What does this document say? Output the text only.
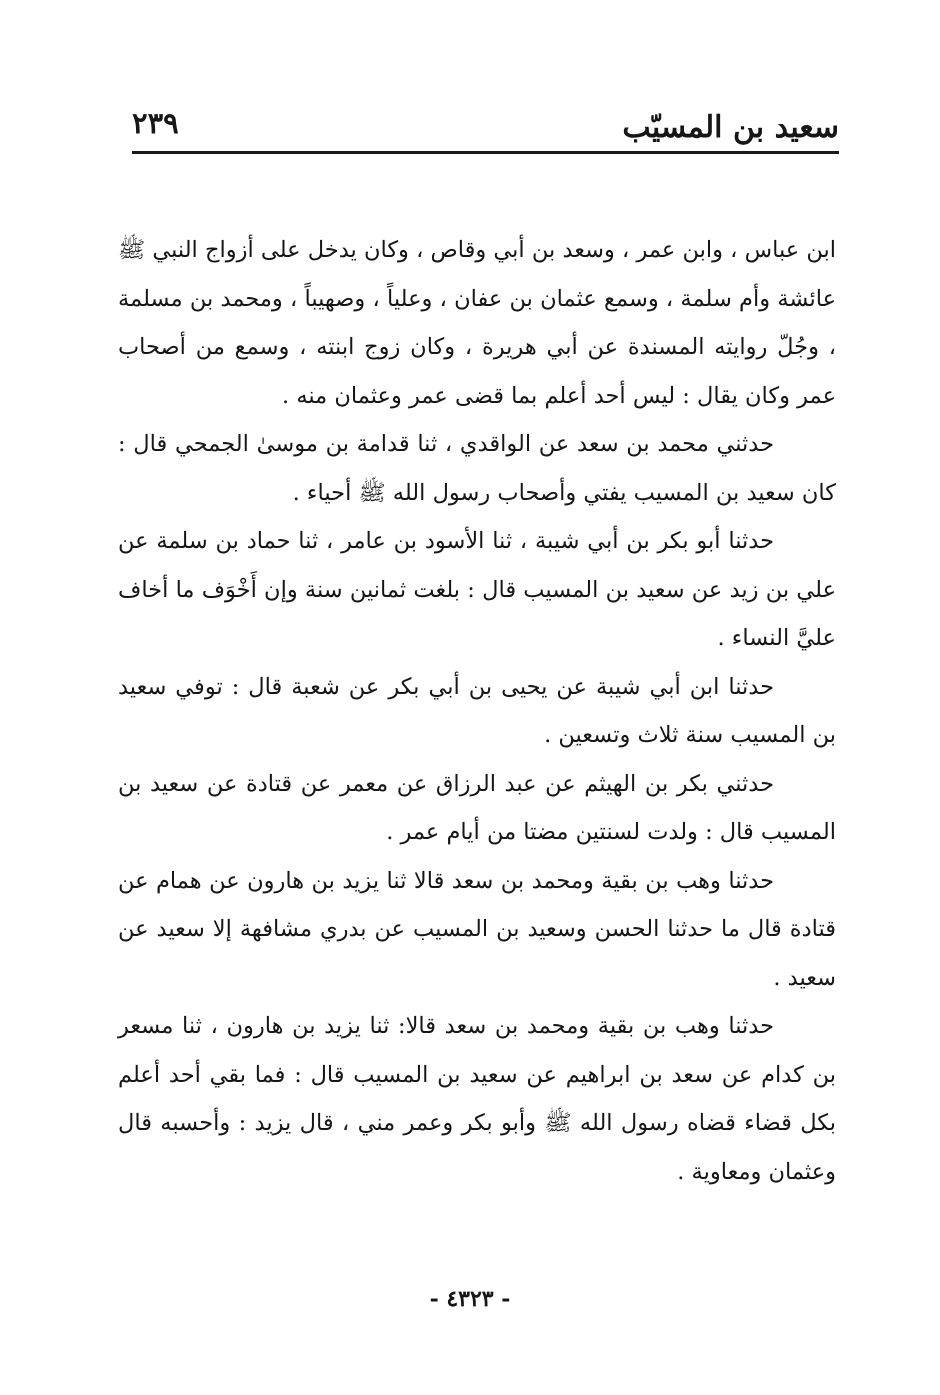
سعيد بن المسيّب
٢٣٩

ابن عباس ، وابن عمر ، وسعد بن أبي وقاص ، وكان يدخل على أزواج النبي ﷺ عائشة وأم سلمة ، وسمع عثمان بن عفان ، وعلياً ، وصهيباً ، ومحمد بن مسلمة ، وجُلّ روايته المسندة عن أبي هريرة ، وكان زوج ابنته ، وسمع من أصحاب عمر وكان يقال : ليس أحد أعلم بما قضى عمر وعثمان منه .

حدثني محمد بن سعد عن الواقدي ، ثنا قدامة بن موسىٰ الجمحي قال : كان سعيد بن المسيب يفتي وأصحاب رسول الله ﷺ أحياء .

حدثنا أبو بكر بن أبي شيبة ، ثنا الأسود بن عامر ، ثنا حماد بن سلمة عن علي بن زيد عن سعيد بن المسيب قال : بلغت ثمانين سنة وإن أَخْوَف ما أخاف عليَّ النساء .

حدثنا ابن أبي شيبة عن يحيى بن أبي بكر عن شعبة قال : توفي سعيد بن المسيب سنة ثلاث وتسعين .

حدثني بكر بن الهيثم عن عبد الرزاق عن معمر عن قتادة عن سعيد بن المسيب قال : ولدت لسنتين مضتا من أيام عمر .

حدثنا وهب بن بقية ومحمد بن سعد قالا ثنا يزيد بن هارون عن همام عن قتادة قال ما حدثنا الحسن وسعيد بن المسيب عن بدري مشافهة إلا سعيد عن سعيد .

حدثنا وهب بن بقية ومحمد بن سعد قالا: ثنا يزيد بن هارون ، ثنا مسعر بن كدام عن سعد بن ابراهيم عن سعيد بن المسيب قال : فما بقي أحد أعلم بكل قضاء قضاه رسول الله ﷺ وأبو بكر وعمر مني ، قال يزيد : وأحسبه قال وعثمان ومعاوية .

- ٤٣٢٣ -
